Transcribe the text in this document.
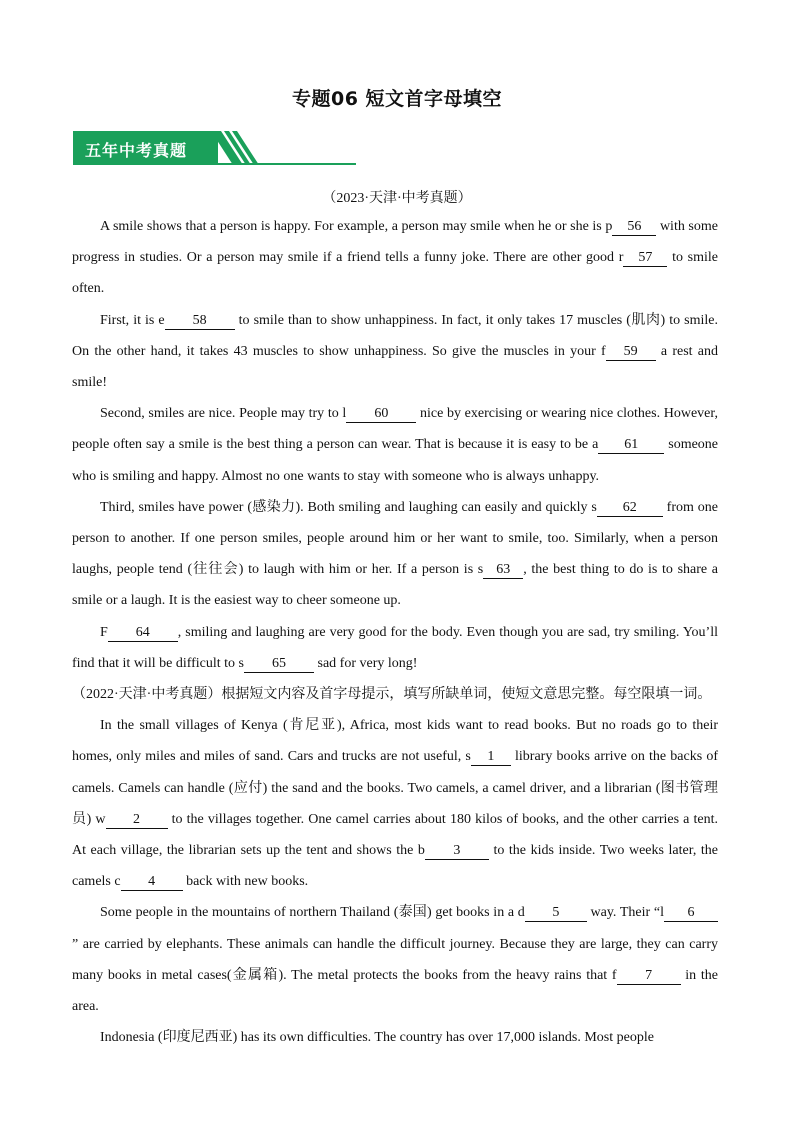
专题06 短文首字母填空
五年中考真题
（2023·天津·中考真题）

A smile shows that a person is happy. For example, a person may smile when he or she is p 56 with some progress in studies. Or a person may smile if a friend tells a funny joke. There are other good r 57 to smile often.

First, it is e 58 to smile than to show unhappiness. In fact, it only takes 17 muscles (肌肉) to smile. On the other hand, it takes 43 muscles to show unhappiness. So give the muscles in your f 59 a rest and smile!

Second, smiles are nice. People may try to l 60 nice by exercising or wearing nice clothes. However, people often say a smile is the best thing a person can wear. That is because it is easy to be a 61 someone who is smiling and happy. Almost no one wants to stay with someone who is always unhappy.

Third, smiles have power (感染力). Both smiling and laughing can easily and quickly s 62 from one person to another. If one person smiles, people around him or her want to smile, too. Similarly, when a person laughs, people tend (往往会) to laugh with him or her. If a person is s 63 , the best thing to do is to share a smile or a laugh. It is the easiest way to cheer someone up.

F 64 , smiling and laughing are very good for the body. Even though you are sad, try smiling. You’ll find that it will be difficult to s 65 sad for very long!

（2022·天津·中考真题）根据短文内容及首字母提示，填写所缺单词，使短文意思完整。每空限填一词。

In the small villages of Kenya (肯尼亚), Africa, most kids want to read books. But no roads go to their homes, only miles and miles of sand. Cars and trucks are not useful, s 1 library books arrive on the backs of camels. Camels can handle (应付) the sand and the books. Two camels, a camel driver, and a librarian (图书管理员) w 2 to the villages together. One camel carries about 180 kilos of books, and the other carries a tent. At each village, the librarian sets up the tent and shows the b 3 to the kids inside. Two weeks later, the camels c 4 back with new books.

Some people in the mountains of northern Thailand (泰国) get books in a d 5 way. Their “l 6” are carried by elephants. These animals can handle the difficult journey. Because they are large, they can carry many books in metal cases(金属箱). The metal protects the books from the heavy rains that f 7 in the area.

Indonesia (印度尼西亚) has its own difficulties. The country has over 17,000 islands. Most people
